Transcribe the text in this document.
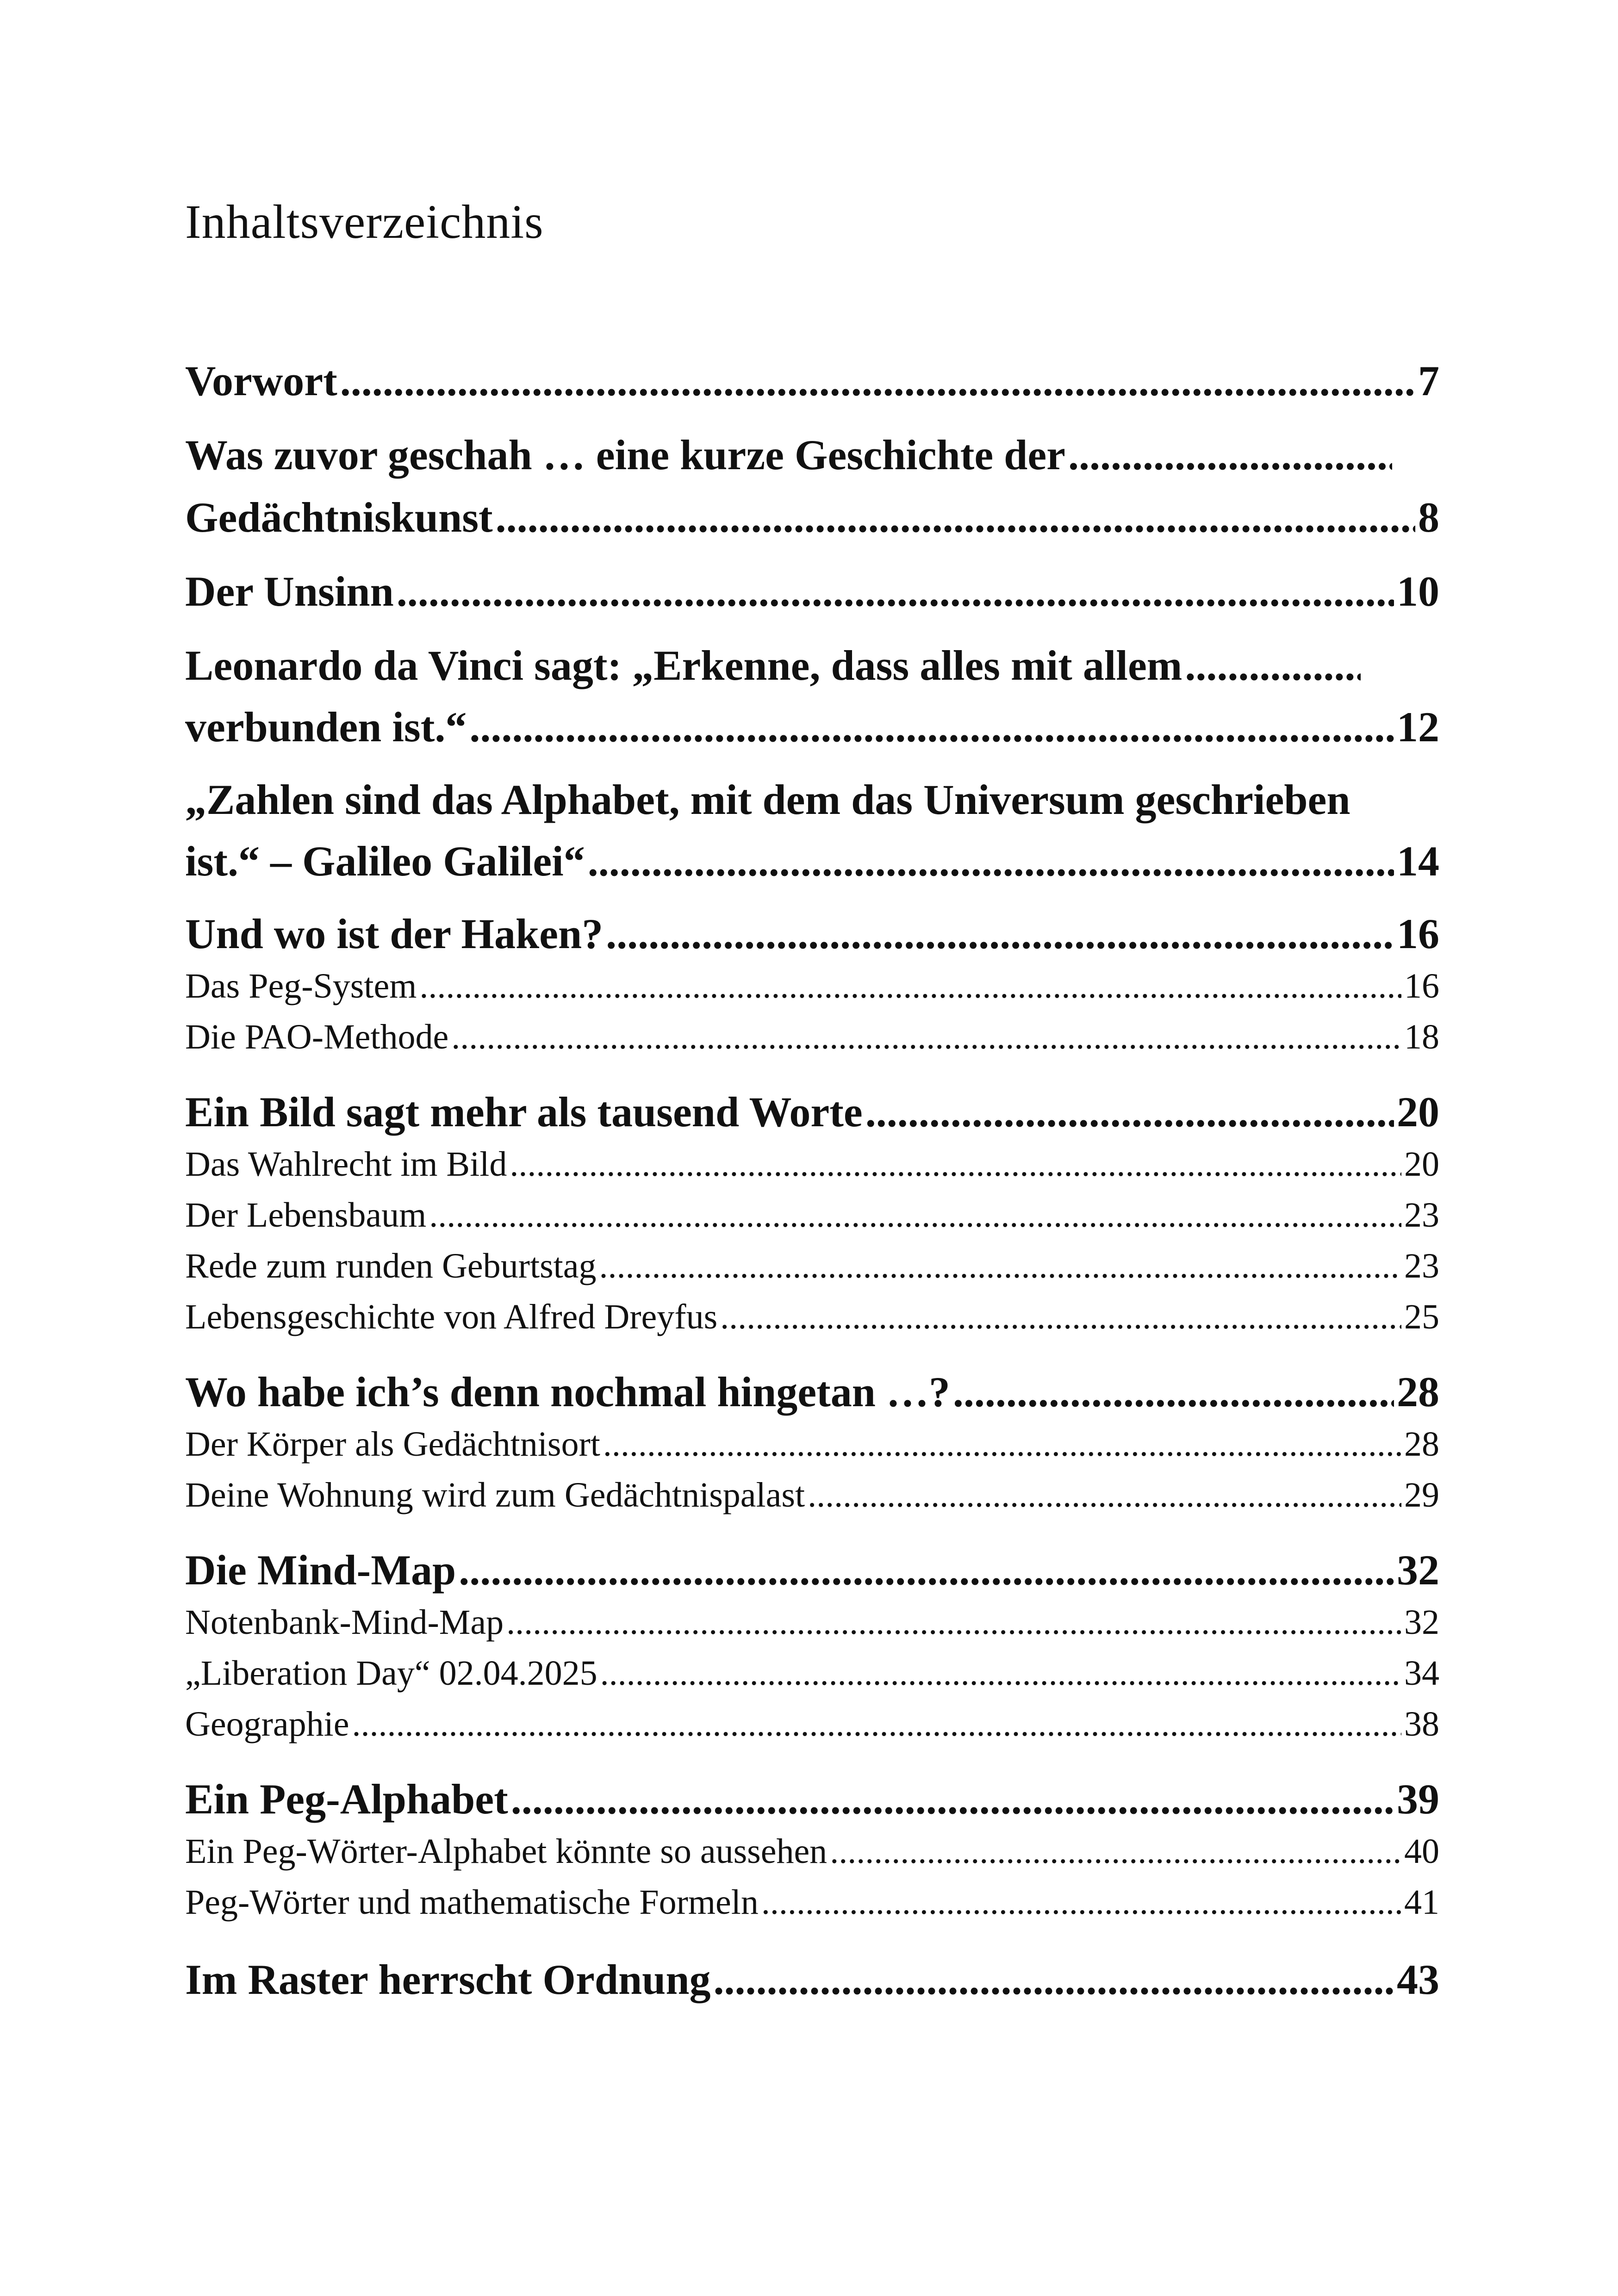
Inhaltsverzeichnis
Vorwort .....	7
Was zuvor geschah … eine kurze Geschichte der
.....
Gedächtniskunst .....	8
Der Unsinn .....	10
Leonardo da Vinci sagt: „Erkenne, dass alles mit allem
.....
verbunden ist.“ .....	12
„Zahlen sind das Alphabet, mit dem das Universum geschrieben
ist.“ – Galileo Galilei“ .....	14
Und wo ist der Haken? .....	16
Das Peg-System .....	16
Die PAO-Methode .....	18
Ein Bild sagt mehr als tausend Worte .....	20
Das Wahlrecht im Bild .....	20
Der Lebensbaum .....	23
Rede zum runden Geburtstag .....	23
Lebensgeschichte von Alfred Dreyfus .....	25
Wo habe ich’s denn nochmal hingetan …? .....	28
Der Körper als Gedächtnisort .....	28
Deine Wohnung wird zum Gedächtnispalast .....	29
Die Mind-Map .....	32
Notenbank-Mind-Map .....	32
„Liberation Day“ 02.04.2025 .....	34
Geographie .....	38
Ein Peg-Alphabet .....	39
Ein Peg-Wörter-Alphabet könnte so aussehen .....	40
Peg-Wörter und mathematische Formeln .....	41
Im Raster herrscht Ordnung .....	43
